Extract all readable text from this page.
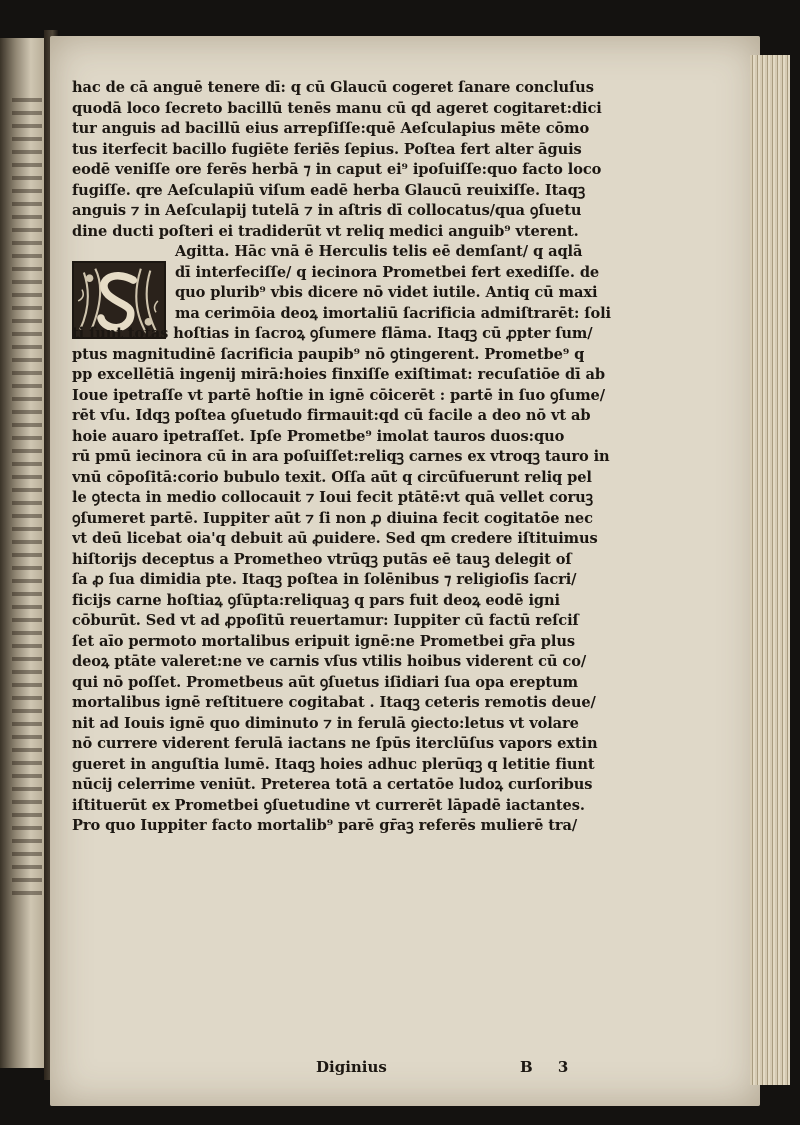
hac de cā anguē tenere dī: q cū Glaucū cogeret ſanare concluſus
quodā loco ſecreto bacillū tenēs manu cū qd ageret cogitaret:dici
tur anguis ad bacillū eius arrepſiſſe:quē Aeſculapius mēte cōmo
tus iterfecit bacillo fugiēte feriēs ſepius. Poſtea fert alter āguis
eodē veniſſe ore ferēs herbā ⁊ in caput ei⁹ ipoſuiſſe:quo facto loco
fugiſſe. qre Aeſculapiū viſum eadē herba Glaucū reuixiſſe. Itaqꝫ
anguis ⁊ in Aeſculapij tutelā ⁊ in aſtris dī collocatus/qua ꝯſuetu
dine ducti poſteri ei tradiderūt vt reliq medici anguib⁹ vterent.
Agitta. Hāc vnā ē Herculis telis eē demſant/ q aqlā
dī interfeciſſe/ q iecinora Prometbei fert exediſſe. de
quo plurib⁹ vbis dicere nō videt iutile. Antiq cū maxi
ma cerimōia deoꝝ imortaliū ſacrificia admiſtrarēt: ſoli
ti ſunt totas hoſtias in ſacroꝝ ꝯſumere flāma. Itaqꝫ cū ꝓpter ſum/
ptus magnitudinē ſacrificia paupib⁹ nō ꝯtingerent. Prometbe⁹ q
pp excellētiā ingenij mirā:hoies finxiſſe exiſtimat: recuſatiōe dī ab
Ioue ipetraſſe vt partē hoſtie in ignē cōicerēt : partē in ſuo ꝯſume/
rēt vſu. Idqꝫ poſtea ꝯſuetudo firmauit:qd cū facile a deo nō vt ab
hoie auaro ipetraſſet. Ipſe Prometbe⁹ imolat tauros duos:quo
rū pmū iecinora cū in ara poſuiſſet:reliqꝫ carnes ex vtroqꝫ tauro in
vnū cōpoſitā:corio bubulo texit. Oſſa aūt q circūfuerunt reliq pel
le ꝯtecta in medio collocauit ⁊ Ioui fecit ptātē:vt quā vellet coruꝫ
ꝯſumeret partē. Iuppiter aūt ⁊ ſi non ꝓ diuina fecit cogitatōe nec
vt deū licebat oia'q debuit aū ꝓuidere. Sed qm credere iſtituimus
hiſtorijs deceptus a Prometheo vtrūqꝫ putās eē tauꝫ delegit oſ
ſa ꝓ ſua dimidia pte. Itaqꝫ poſtea in ſolēnibus ⁊ religioſis ſacri/
ficijs carne hoſtiaꝝ ꝯſūpta:reliquaꝫ q pars fuit deoꝝ eodē igni
cōburūt. Sed vt ad ꝓpoſitū reuertamur: Iuppiter cū factū reſciſ
ſet aīo permoto mortalibus eripuit ignē:ne Prometbei gr̄a plus
deoꝝ ptāte valeret:ne ve carnis vſus vtilis hoibus viderent cū co/
qui nō poſſet. Prometbeus aūt ꝯſuetus iſidiari ſua opa ereptum
mortalibus ignē reſtituere cogitabat . Itaqꝫ ceteris remotis deue/
nit ad Iouis ignē quo diminuto ⁊ in ferulā ꝯiecto:letus vt volare
nō currere viderent ferulā iactans ne ſpūs iterclūſus vapors extin
gueret in anguſtia lumē. Itaqꝫ hoies adhuc plerūqꝫ q letitie fiunt
nūcij celerrime veniūt. Preterea totā a certatōe ludoꝝ curſoribus
iſtituerūt ex Prometbei ꝯſuetudine vt currerēt lāpadē iactantes.
Pro quo Iuppiter facto mortalib⁹ parē gr̄aꝫ referēs mulierē tra/
Diginius	B 3
